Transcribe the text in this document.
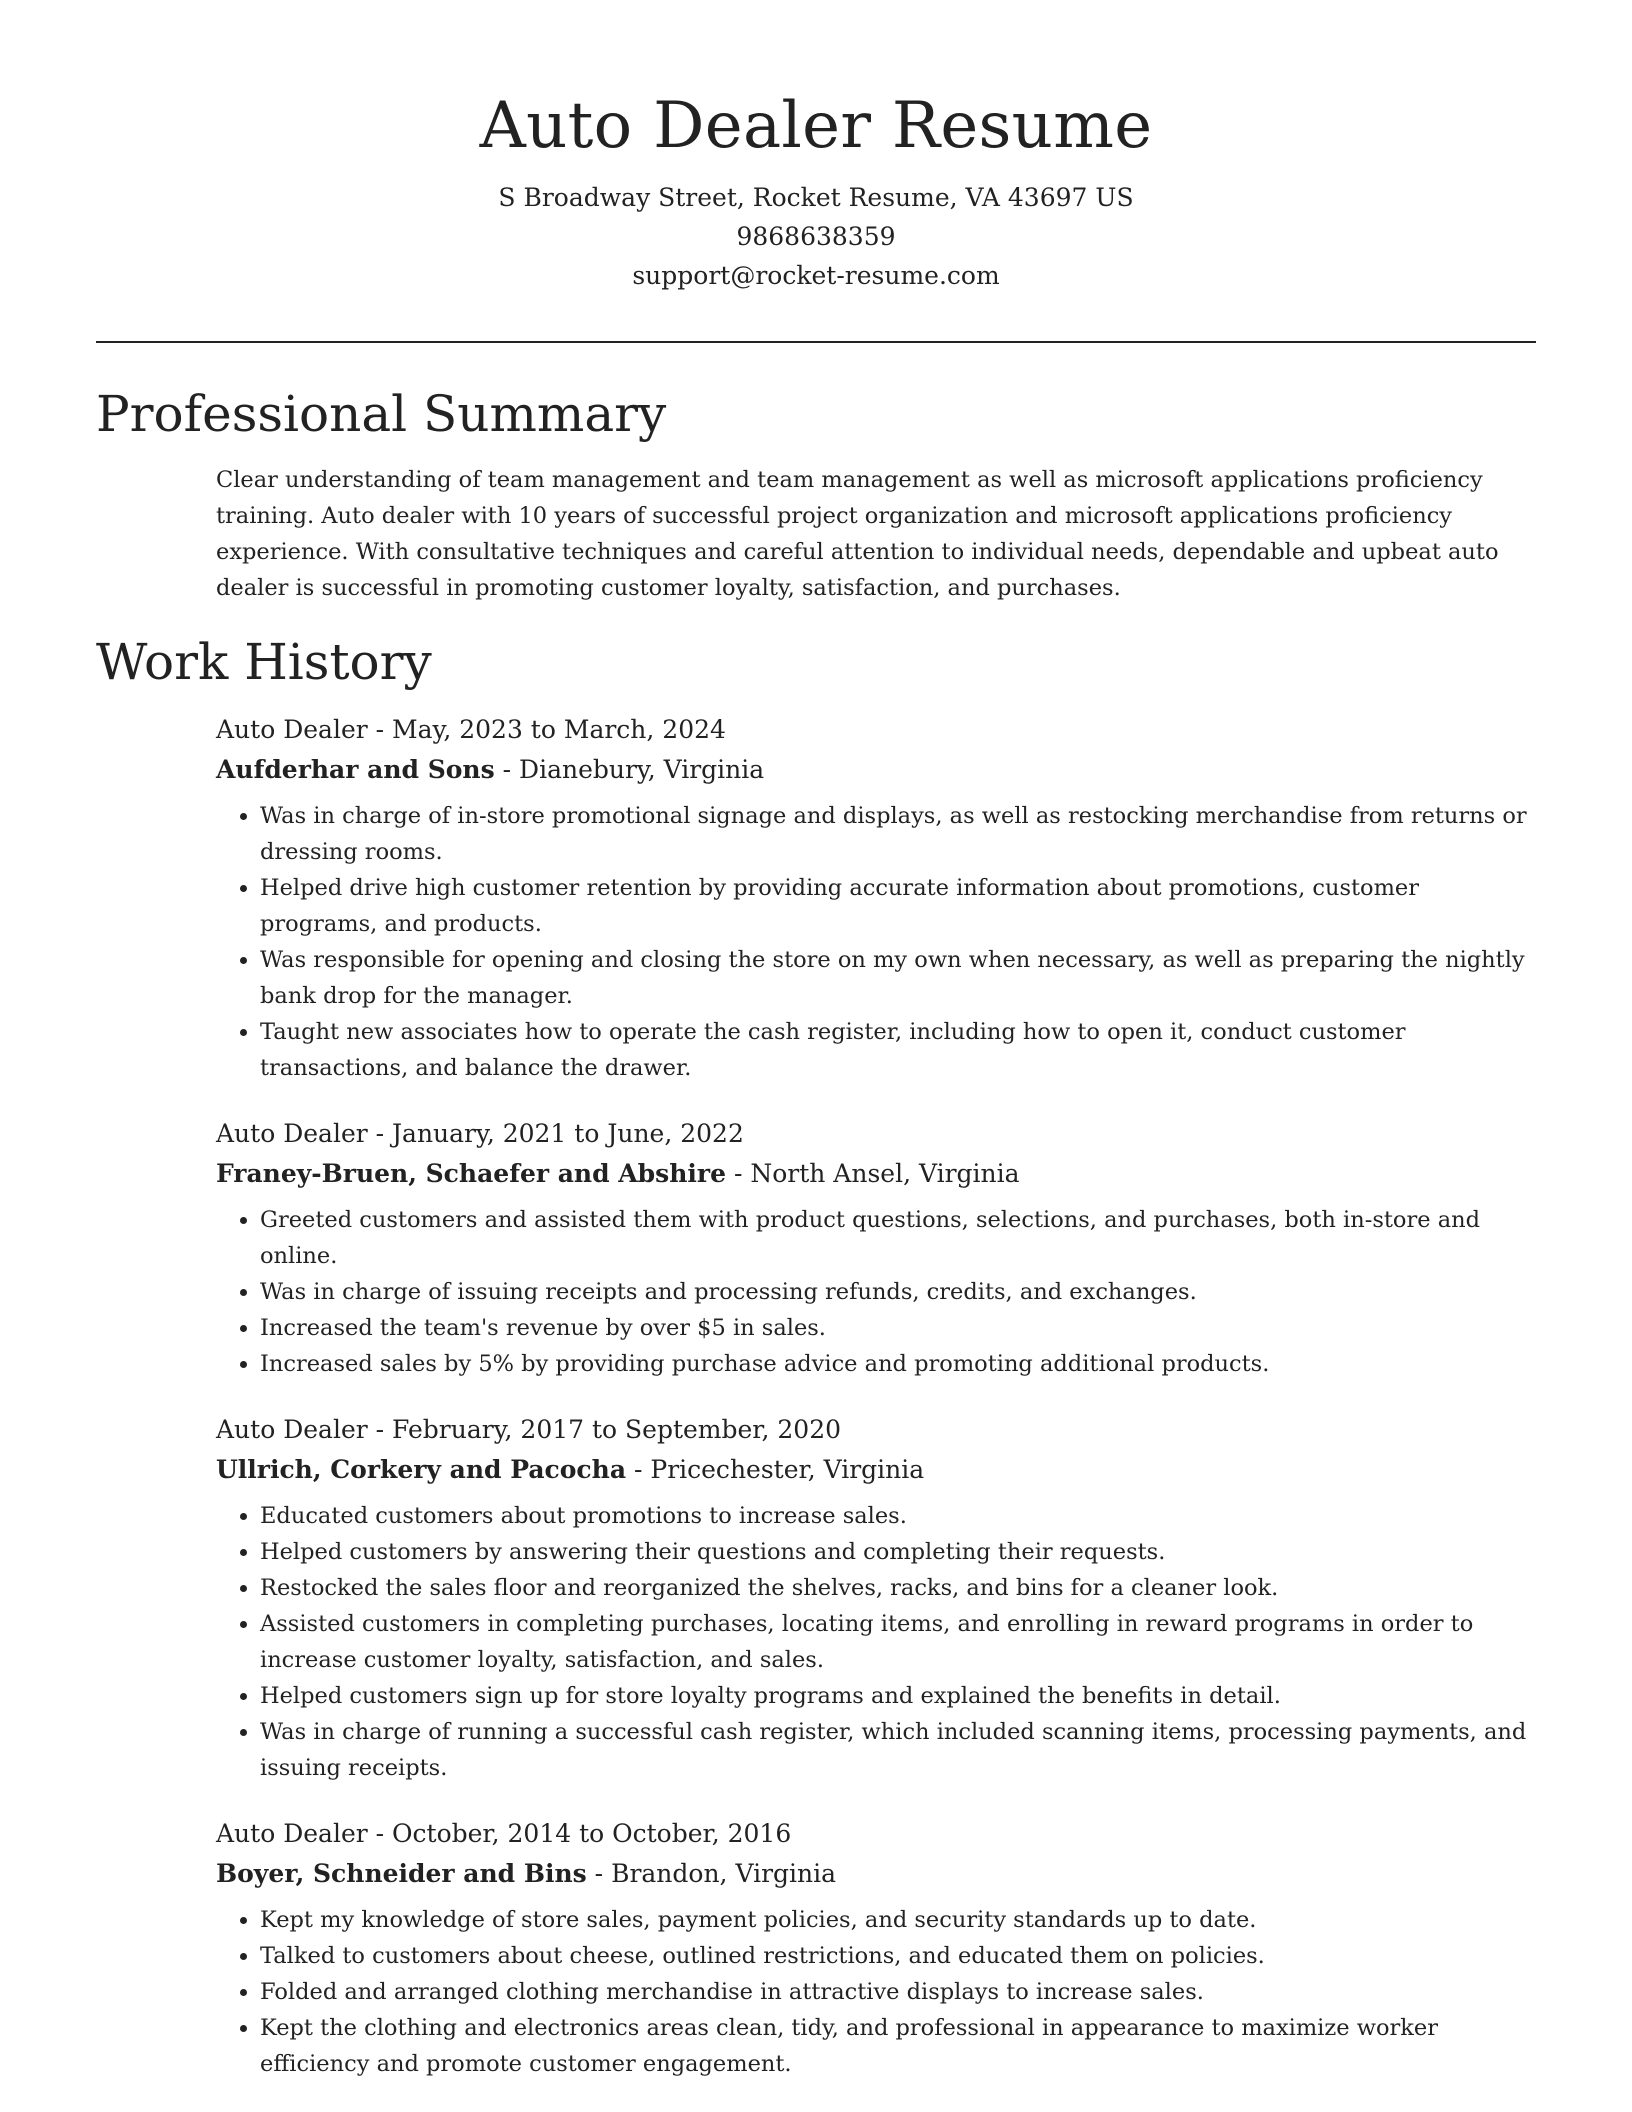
Auto Dealer Resume
S Broadway Street, Rocket Resume, VA 43697 US
9868638359
support@rocket-resume.com
Professional Summary

Clear understanding of team management and team management as well as microsoft applications proficiency training. Auto dealer with 10 years of successful project organization and microsoft applications proficiency experience. With consultative techniques and careful attention to individual needs, dependable and upbeat auto dealer is successful in promoting customer loyalty, satisfaction, and purchases.

Work History
Auto Dealer - May, 2023 to March, 2024
Aufderhar and Sons - Dianebury, Virginia
• Was in charge of in-store promotional signage and displays, as well as restocking merchandise from returns or dressing rooms.
• Helped drive high customer retention by providing accurate information about promotions, customer programs, and products.
• Was responsible for opening and closing the store on my own when necessary, as well as preparing the nightly bank drop for the manager.
• Taught new associates how to operate the cash register, including how to open it, conduct customer transactions, and balance the drawer.
Auto Dealer - January, 2021 to June, 2022
Franey-Bruen, Schaefer and Abshire - North Ansel, Virginia
• Greeted customers and assisted them with product questions, selections, and purchases, both in-store and online.
• Was in charge of issuing receipts and processing refunds, credits, and exchanges.
• Increased the team's revenue by over $5 in sales.
• Increased sales by 5% by providing purchase advice and promoting additional products.
Auto Dealer - February, 2017 to September, 2020
Ullrich, Corkery and Pacocha - Pricechester, Virginia
• Educated customers about promotions to increase sales.
• Helped customers by answering their questions and completing their requests.
• Restocked the sales floor and reorganized the shelves, racks, and bins for a cleaner look.
• Assisted customers in completing purchases, locating items, and enrolling in reward programs in order to increase customer loyalty, satisfaction, and sales.
• Helped customers sign up for store loyalty programs and explained the benefits in detail.
• Was in charge of running a successful cash register, which included scanning items, processing payments, and issuing receipts.
Auto Dealer - October, 2014 to October, 2016
Boyer, Schneider and Bins - Brandon, Virginia
• Kept my knowledge of store sales, payment policies, and security standards up to date.
• Talked to customers about cheese, outlined restrictions, and educated them on policies.
• Folded and arranged clothing merchandise in attractive displays to increase sales.
• Kept the clothing and electronics areas clean, tidy, and professional in appearance to maximize worker efficiency and promote customer engagement.
